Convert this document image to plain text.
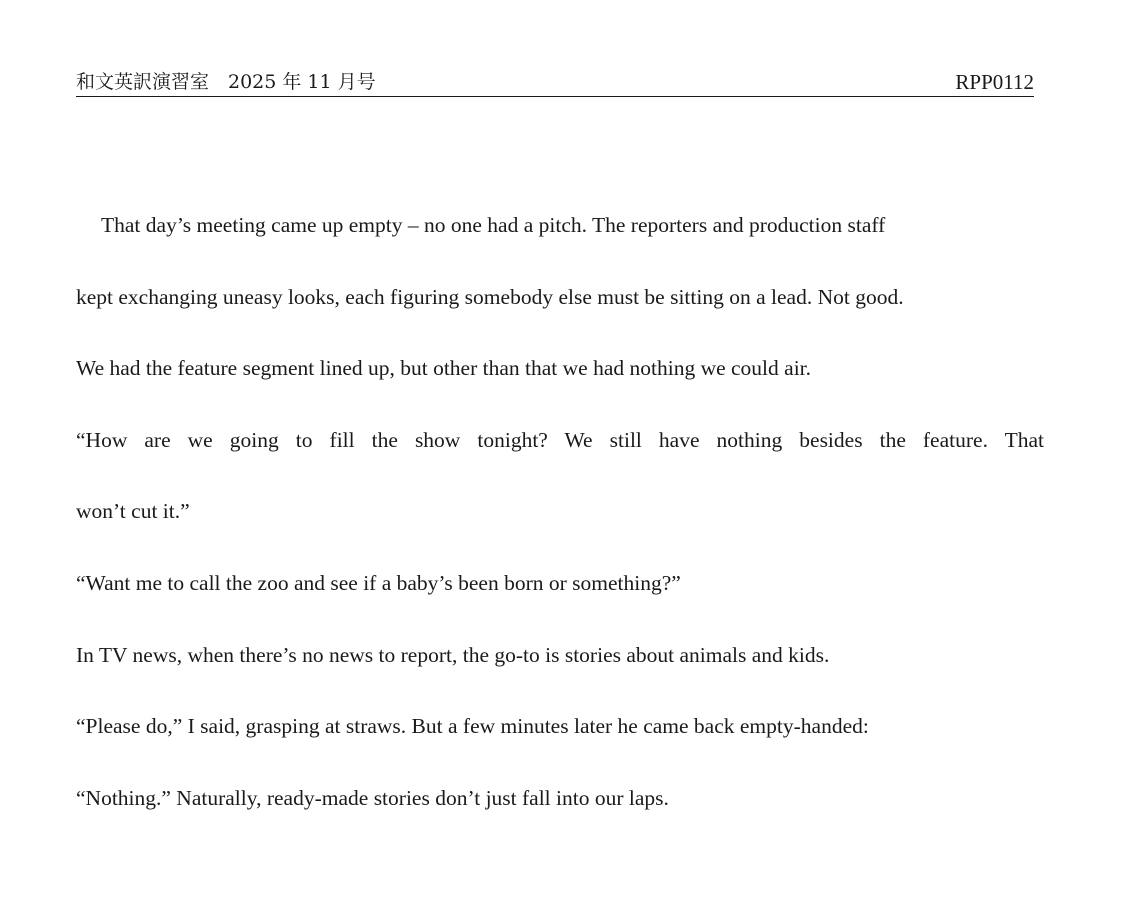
和文英訳演習室　2025 年 11 月号	RPP0112
That day’s meeting came up empty – no one had a pitch. The reporters and production staff
kept exchanging uneasy looks, each figuring somebody else must be sitting on a lead. Not good.
We had the feature segment lined up, but other than that we had nothing we could air.
“How are we going to fill the show tonight? We still have nothing besides the feature. That
won’t cut it.”
“Want me to call the zoo and see if a baby’s been born or something?”
In TV news, when there’s no news to report, the go-to is stories about animals and kids.
“Please do,” I said, grasping at straws. But a few minutes later he came back empty-handed:
“Nothing.” Naturally, ready-made stories don’t just fall into our laps.
